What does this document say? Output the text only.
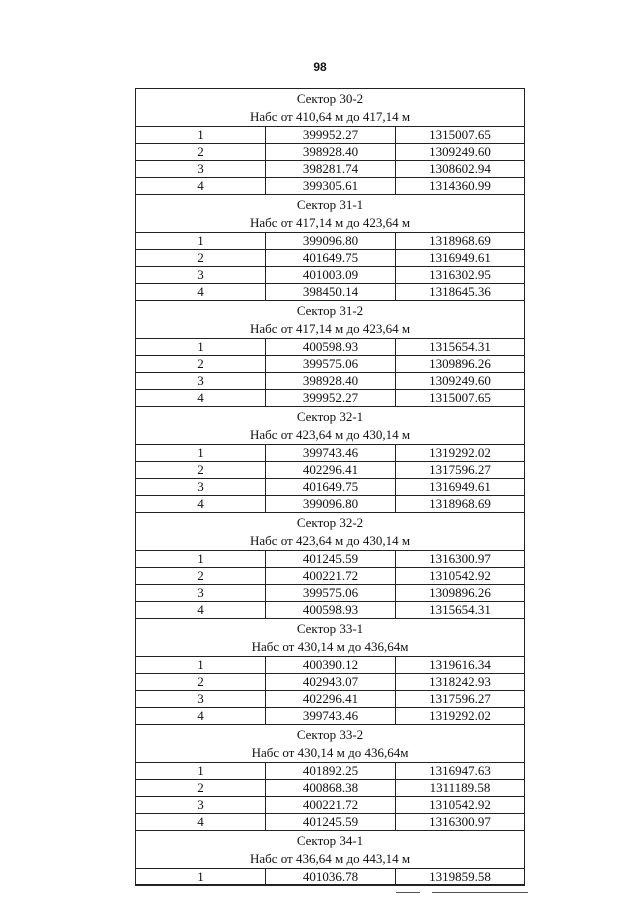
98
Сектор 30-2
Набс от 410,64 м до 417,14 м
1	399952.27	1315007.65
2	398928.40	1309249.60
3	398281.74	1308602.94
4	399305.61	1314360.99
Сектор 31-1
Набс от 417,14 м до 423,64 м
1	399096.80	1318968.69
2	401649.75	1316949.61
3	401003.09	1316302.95
4	398450.14	1318645.36
Сектор 31-2
Набс от 417,14 м до 423,64 м
1	400598.93	1315654.31
2	399575.06	1309896.26
3	398928.40	1309249.60
4	399952.27	1315007.65
Сектор 32-1
Набс от 423,64 м до 430,14 м
1	399743.46	1319292.02
2	402296.41	1317596.27
3	401649.75	1316949.61
4	399096.80	1318968.69
Сектор 32-2
Набс от 423,64 м до 430,14 м
1	401245.59	1316300.97
2	400221.72	1310542.92
3	399575.06	1309896.26
4	400598.93	1315654.31
Сектор 33-1
Набс от 430,14 м до 436,64м
1	400390.12	1319616.34
2	402943.07	1318242.93
3	402296.41	1317596.27
4	399743.46	1319292.02
Сектор 33-2
Набс от 430,14 м до 436,64м
1	401892.25	1316947.63
2	400868.38	1311189.58
3	400221.72	1310542.92
4	401245.59	1316300.97
Сектор 34-1
Набс от 436,64 м до 443,14 м
1	401036.78	1319859.58
